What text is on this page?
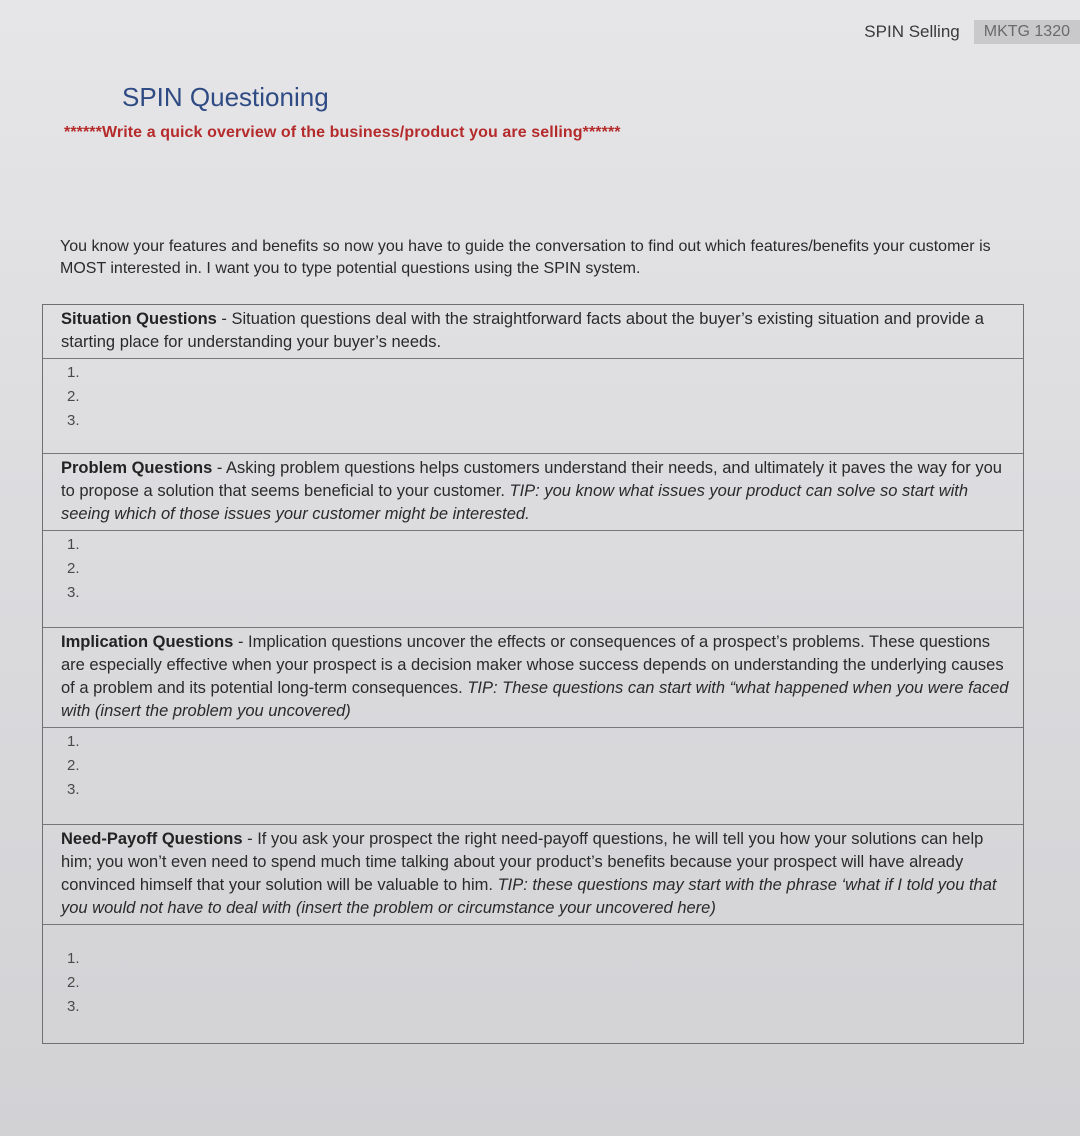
SPIN Selling	MKTG 1320
SPIN Questioning
******Write a quick overview of the business/product you are selling******
You know your features and benefits so now you have to guide the conversation to find out which features/benefits your customer is MOST interested in. I want you to type potential questions using the SPIN system.
Situation Questions - Situation questions deal with the straightforward facts about the buyer’s existing situation and provide a starting place for understanding your buyer’s needs.
1.
2.
3.
Problem Questions - Asking problem questions helps customers understand their needs, and ultimately it paves the way for you to propose a solution that seems beneficial to your customer. TIP: you know what issues your product can solve so start with seeing which of those issues your customer might be interested.
1.
2.
3.
Implication Questions - Implication questions uncover the effects or consequences of a prospect’s problems. These questions are especially effective when your prospect is a decision maker whose success depends on understanding the underlying causes of a problem and its potential long-term consequences. TIP: These questions can start with “what happened when you were faced with (insert the problem you uncovered)
1.
2.
3.
Need-Payoff Questions - If you ask your prospect the right need-payoff questions, he will tell you how your solutions can help him; you won’t even need to spend much time talking about your product’s benefits because your prospect will have already convinced himself that your solution will be valuable to him. TIP: these questions may start with the phrase ‘what if I told you that you would not have to deal with (insert the problem or circumstance your uncovered here)
1.
2.
3.
